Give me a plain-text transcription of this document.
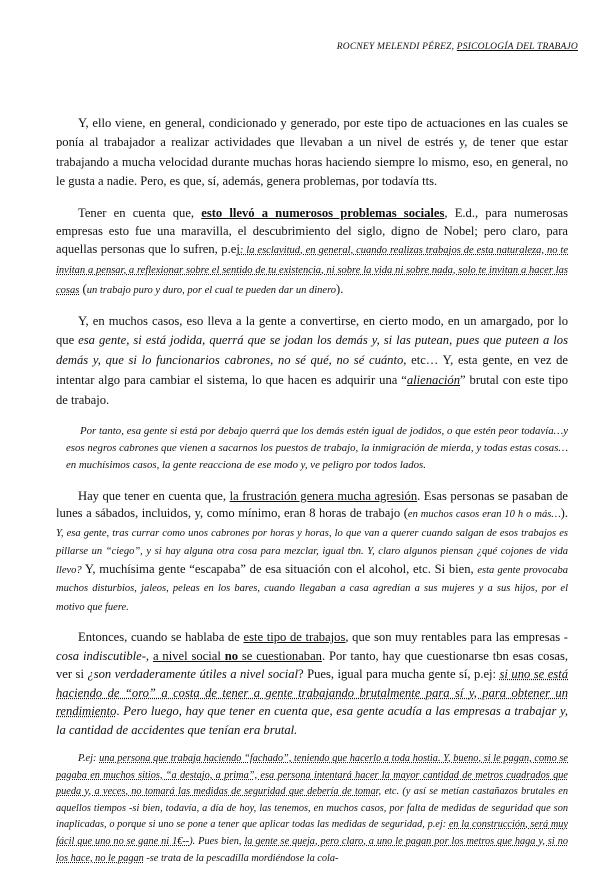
ROCNEY MELENDI PÉREZ, PSICOLOGÍA DEL TRABAJO

Y, ello viene, en general, condicionado y generado, por este tipo de actuaciones en las cuales se ponía al trabajador a realizar actividades que llevaban a un nivel de estrés y, de tener que estar trabajando a mucha velocidad durante muchas horas haciendo siempre lo mismo, eso, en general, no le gusta a nadie. Pero, es que, sí, además, genera problemas, por todavía tts.

Tener en cuenta que, esto llevó a numerosos problemas sociales, E.d., para numerosas empresas esto fue una maravilla, el descubrimiento del siglo, digno de Nobel; pero claro, para aquellas personas que lo sufren, p.ej: la esclavitud, en general, cuando realizas trabajos de esta naturaleza, no te invitan a pensar, a reflexionar sobre el sentido de tu existencia, ni sobre la vida ni sobre nada, solo te invitan a hacer las cosas (un trabajo puro y duro, por el cual te pueden dar un dinero).

Y, en muchos casos, eso lleva a la gente a convertirse, en cierto modo, en un amargado, por lo que esa gente, si está jodida, querrá que se jodan los demás y, si las putean, pues que puteen a los demás y, que si lo funcionarios cabrones, no sé qué, no sé cuánto, etc… Y, esta gente, en vez de intentar algo para cambiar el sistema, lo que hacen es adquirir una “alienación” brutal con este tipo de trabajo.

Por tanto, esa gente si está por debajo querrá que los demás estén igual de jodidos, o que estén peor todavía…y esos negros cabrones que vienen a sacarnos los puestos de trabajo, la inmigración de mierda, y todas estas cosas…en muchísimos casos, la gente reacciona de ese modo y, ve peligro por todos lados.

Hay que tener en cuenta que, la frustración genera mucha agresión. Esas personas se pasaban de lunes a sábados, incluidos, y, como mínimo, eran 8 horas de trabajo (en muchos casos eran 10 h o más…). Y, esa gente, tras currar como unos cabrones por horas y horas, lo que van a querer cuando salgan de esos trabajos es pillarse un “ciego”, y si hay alguna otra cosa para mezclar, igual tbn. Y, claro algunos piensan ¿qué cojones de vida llevo? Y, muchísima gente “escapaba” de esa situación con el alcohol, etc. Si bien, esta gente provocaba muchos disturbios, jaleos, peleas en los bares, cuando llegaban a casa agredían a sus mujeres y a sus hijos, por el motivo que fuere.

Entonces, cuando se hablaba de este tipo de trabajos, que son muy rentables para las empresas -cosa indiscutible-, a nivel social no se cuestionaban. Por tanto, hay que cuestionarse tbn esas cosas, ver si ¿son verdaderamente útiles a nivel social? Pues, igual para mucha gente sí, p.ej: si uno se está haciendo de “oro” a costa de tener a gente trabajando brutalmente para sí y, para obtener un rendimiento. Pero luego, hay que tener en cuenta que, esa gente acudía a las empresas a trabajar y, la cantidad de accidentes que tenían era brutal.

P.ej: una persona que trabaja haciendo “fachado”, teniendo que hacerlo a toda hostia. Y, bueno, si le pagan, como se pagaba en muchos sitios, “a destajo, a prima”, esa persona intentará hacer la mayor cantidad de metros cuadrados que pueda y, a veces, no tomará las medidas de seguridad que debería de tomar, etc. (y así se metían castañazos brutales en aquellos tiempos -si bien, todavía, a día de hoy, las tenemos, en muchos casos, por falta de medidas de seguridad que son inaplicadas, o porque si uno se pone a tener que aplicar todas las medidas de seguridad, p.ej: en la construcción, será muy fácil que uno no se gane ni 1€--). Pues bien, la gente se queja, pero claro, a uno le pagan por los metros que haga y, si no los hace, no le pagan -se trata de la pescadilla mordiéndose la cola-
